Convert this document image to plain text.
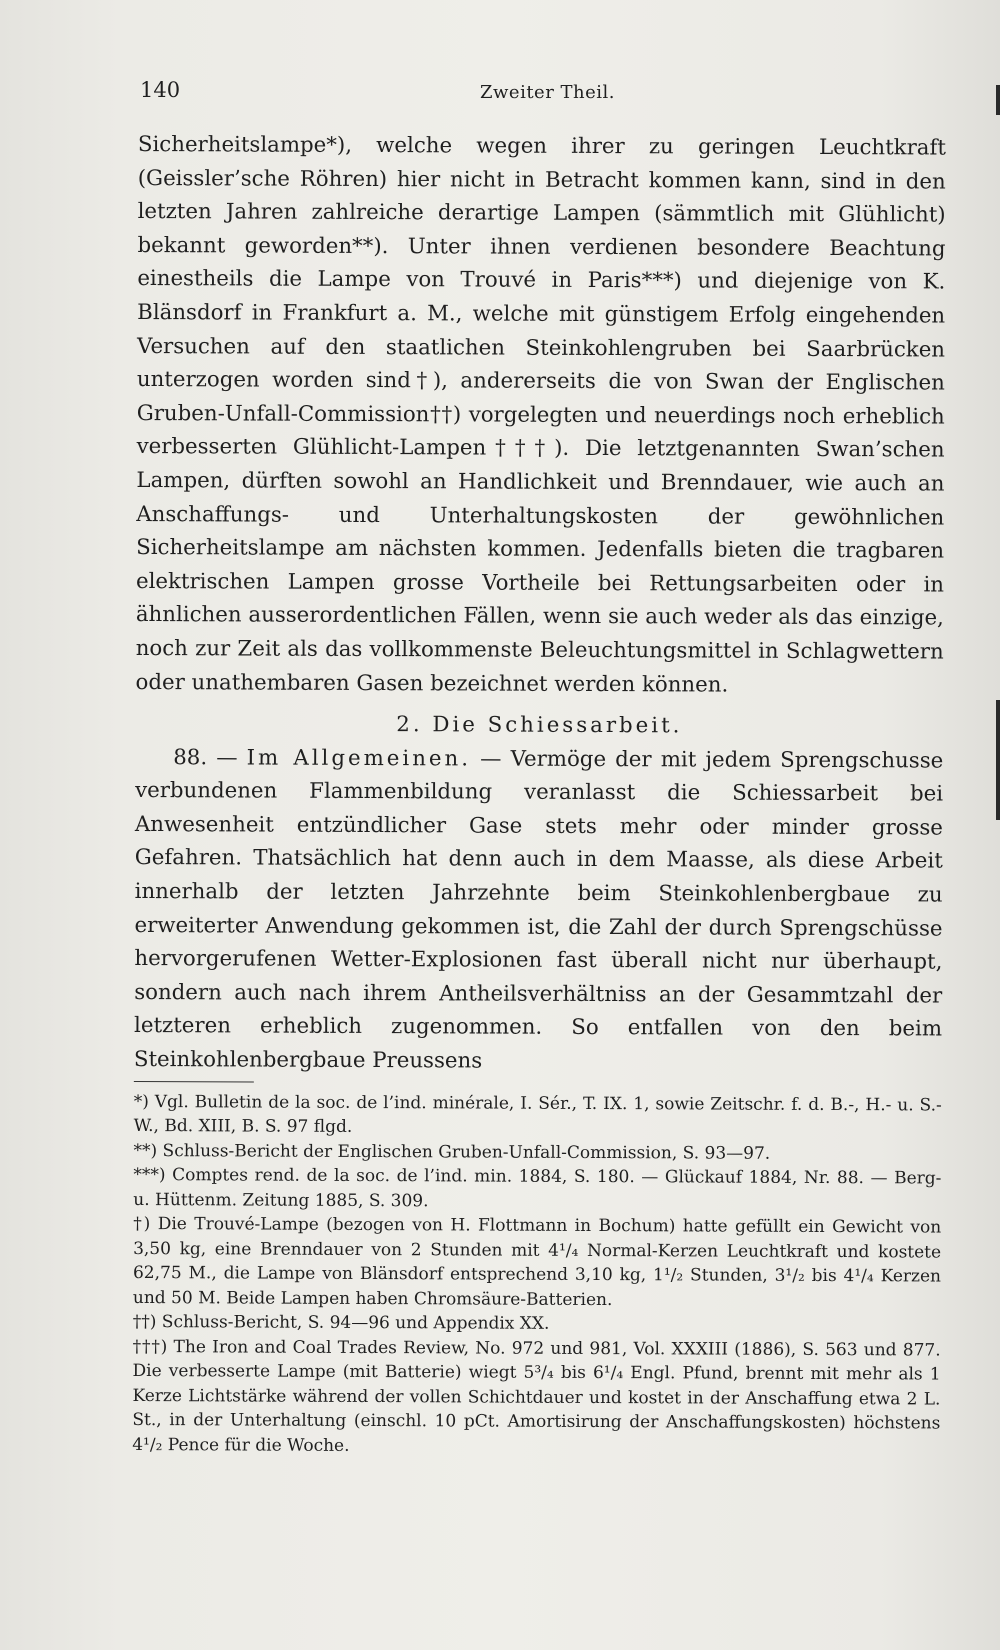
140	Zweiter Theil.

Sicherheitslampe*), welche wegen ihrer zu geringen Leuchtkraft (Geissler’sche Röhren) hier nicht in Betracht kommen kann, sind in den letzten Jahren zahlreiche derartige Lampen (sämmtlich mit Glühlicht) bekannt geworden**). Unter ihnen verdienen besondere Beachtung einestheils die Lampe von Trouvé in Paris***) und diejenige von K. Blänsdorf in Frankfurt a. M., welche mit günstigem Erfolg eingehenden Versuchen auf den staatlichen Steinkohlengruben bei Saarbrücken unterzogen worden sind†), andererseits die von Swan der Englischen Gruben-Unfall-Commission††) vorgelegten und neuerdings noch erheblich verbesserten Glühlicht-Lampen†††). Die letztgenannten Swan’schen Lampen, dürften sowohl an Handlichkeit und Brenndauer, wie auch an Anschaffungs- und Unterhaltungskosten der gewöhnlichen Sicherheitslampe am nächsten kommen. Jedenfalls bieten die tragbaren elektrischen Lampen grosse Vortheile bei Rettungsarbeiten oder in ähnlichen ausserordentlichen Fällen, wenn sie auch weder als das einzige, noch zur Zeit als das vollkommenste Beleuchtungsmittel in Schlagwettern oder unathembaren Gasen bezeichnet werden können.

2. Die Schiessarbeit.

88. — Im Allgemeinen. — Vermöge der mit jedem Sprengschusse verbundenen Flammenbildung veranlasst die Schiessarbeit bei Anwesenheit entzündlicher Gase stets mehr oder minder grosse Gefahren. Thatsächlich hat denn auch in dem Maasse, als diese Arbeit innerhalb der letzten Jahrzehnte beim Steinkohlenbergbaue zu erweiterter Anwendung gekommen ist, die Zahl der durch Sprengschüsse hervorgerufenen Wetter-Explosionen fast überall nicht nur überhaupt, sondern auch nach ihrem Antheilsverhältniss an der Gesammtzahl der letzteren erheblich zugenommen. So entfallen von den beim Steinkohlenbergbaue Preussens

*) Vgl. Bulletin de la soc. de l’ind. minérale, I. Sér., T. IX. 1, sowie Zeitschr. f. d. B.-, H.- u. S.-W., Bd. XIII, B. S. 97 flgd.

**) Schluss-Bericht der Englischen Gruben-Unfall-Commission, S. 93—97.

***) Comptes rend. de la soc. de l’ind. min. 1884, S. 180. — Glückauf 1884, Nr. 88. — Berg- u. Hüttenm. Zeitung 1885, S. 309.

†) Die Trouvé-Lampe (bezogen von H. Flottmann in Bochum) hatte gefüllt ein Gewicht von 3,50 kg, eine Brenndauer von 2 Stunden mit 4¹/₄ Normal-Kerzen Leuchtkraft und kostete 62,75 M., die Lampe von Blänsdorf entsprechend 3,10 kg, 1¹/₂ Stunden, 3¹/₂ bis 4¹/₄ Kerzen und 50 M. Beide Lampen haben Chromsäure-Batterien.

††) Schluss-Bericht, S. 94—96 und Appendix XX.

†††) The Iron and Coal Trades Review, No. 972 und 981, Vol. XXXIII (1886), S. 563 und 877. Die verbesserte Lampe (mit Batterie) wiegt 5³/₄ bis 6¹/₄ Engl. Pfund, brennt mit mehr als 1 Kerze Lichtstärke während der vollen Schichtdauer und kostet in der Anschaffung etwa 2 L. St., in der Unterhaltung (einschl. 10 pCt. Amortisirung der Anschaffungskosten) höchstens 4¹/₂ Pence für die Woche.
